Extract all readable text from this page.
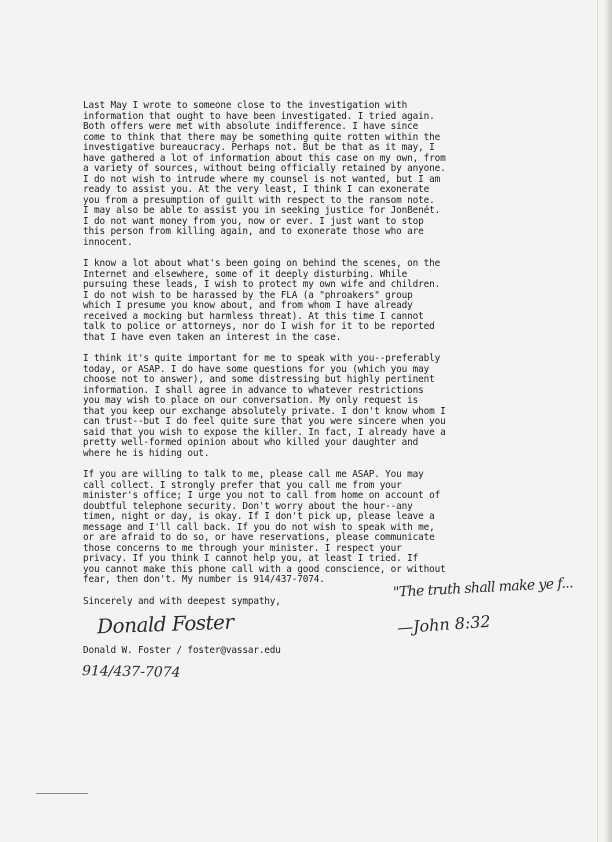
Last May I wrote to someone close to the investigation with
information that ought to have been investigated. I tried again.
Both offers were met with absolute indifference. I have since
come to think that there may be something quite rotten within the
investigative bureaucracy. Perhaps not. But be that as it may, I
have gathered a lot of information about this case on my own, from
a variety of sources, without being officially retained by anyone.
I do not wish to intrude where my counsel is not wanted, but I am
ready to assist you. At the very least, I think I can exonerate
you from a presumption of guilt with respect to the ransom note.
I may also be able to assist you in seeking justice for JonBenét.
I do not want money from you, now or ever. I just want to stop
this person from killing again, and to exonerate those who are
innocent.
I know a lot about what's been going on behind the scenes, on the
Internet and elsewhere, some of it deeply disturbing. While
pursuing these leads, I wish to protect my own wife and children.
I do not wish to be harassed by the FLA (a "phroakers" group
which I presume you know about, and from whom I have already
received a mocking but harmless threat). At this time I cannot
talk to police or attorneys, nor do I wish for it to be reported
that I have even taken an interest in the case.
I think it's quite important for me to speak with you--preferably
today, or ASAP. I do have some questions for you (which you may
choose not to answer), and some distressing but highly pertinent
information. I shall agree in advance to whatever restrictions
you may wish to place on our conversation. My only request is
that you keep our exchange absolutely private. I don't know whom I
can trust--but I do feel quite sure that you were sincere when you
said that you wish to expose the killer. In fact, I already have a
pretty well-formed opinion about who killed your daughter and
where he is hiding out.
If you are willing to talk to me, please call me ASAP. You may
call collect. I strongly prefer that you call me from your
minister's office; I urge you not to call from home on account of
doubtful telephone security. Don't worry about the hour--any
timen, night or day, is okay. If I don't pick up, please leave a
message and I'll call back. If you do not wish to speak with me,
or are afraid to do so, or have reservations, please communicate
those concerns to me through your minister. I respect your
privacy. If you think I cannot help you, at least I tried. If
you cannot make this phone call with a good conscience, or without
fear, then don't. My number is 914/437-7074.

Sincerely and with deepest sympathy,

Donald Foster
Donald W. Foster / foster@vassar.edu
914/437-7074
"The truth shall make ye f...
—John 8:32
